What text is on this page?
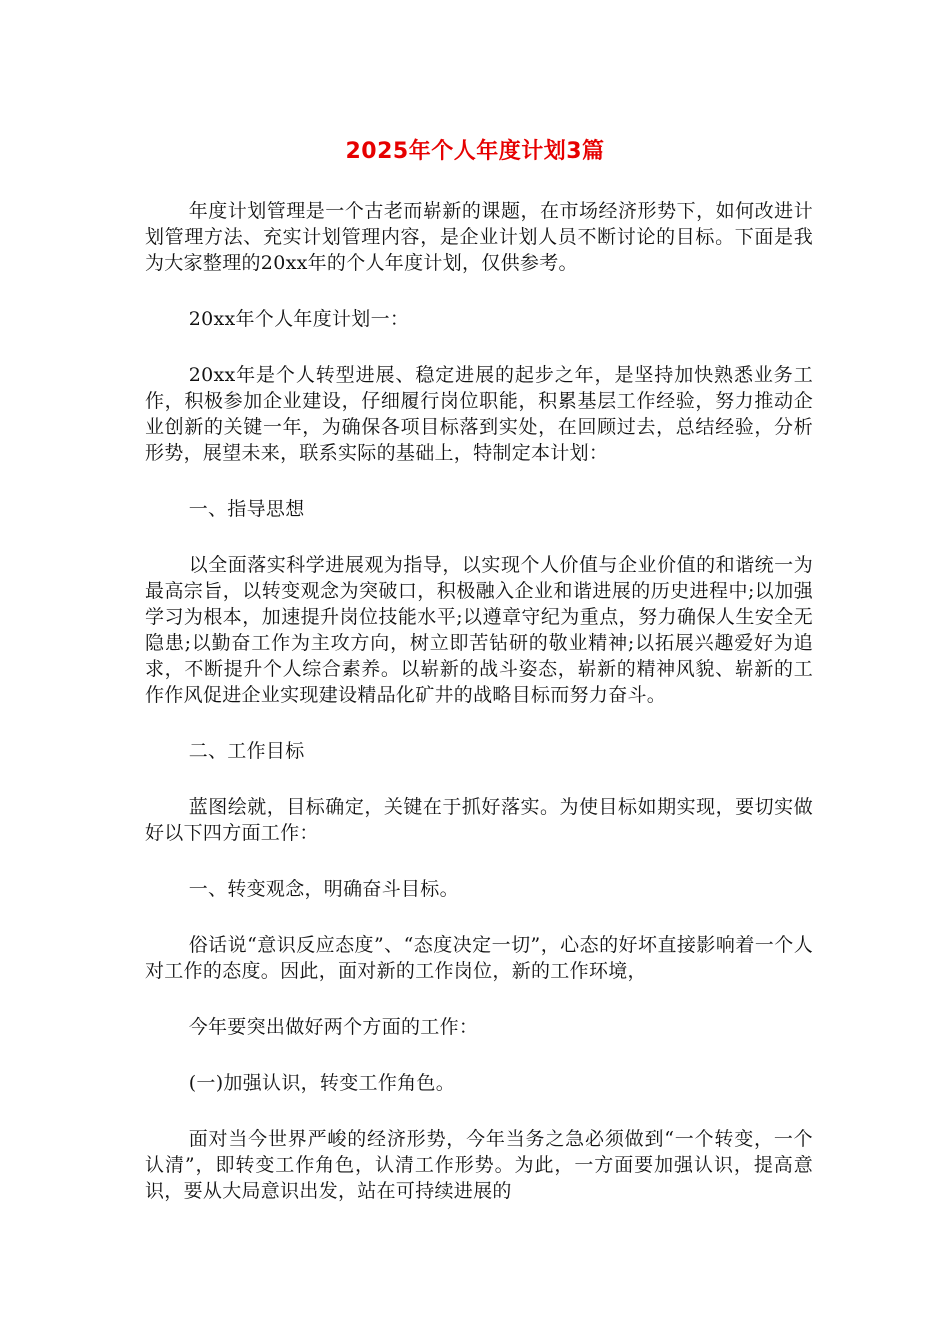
2025年个人年度计划3篇

年度计划管理是一个古老而崭新的课题，在市场经济形势下，如何改进计划管理方法、充实计划管理内容，是企业计划人员不断讨论的目标。下面是我为大家整理的20xx年的个人年度计划，仅供参考。

20xx年个人年度计划一：

20xx年是个人转型进展、稳定进展的起步之年，是坚持加快熟悉业务工作，积极参加企业建设，仔细履行岗位职能，积累基层工作经验，努力推动企业创新的关键一年，为确保各项目标落到实处，在回顾过去，总结经验，分析形势，展望未来，联系实际的基础上，特制定本计划：

一、指导思想

以全面落实科学进展观为指导，以实现个人价值与企业价值的和谐统一为最高宗旨，以转变观念为突破口，积极融入企业和谐进展的历史进程中;以加强学习为根本，加速提升岗位技能水平;以遵章守纪为重点，努力确保人生安全无隐患;以勤奋工作为主攻方向，树立即苦钻研的敬业精神;以拓展兴趣爱好为追求，不断提升个人综合素养。以崭新的战斗姿态，崭新的精神风貌、崭新的工作作风促进企业实现建设精品化矿井的战略目标而努力奋斗。

二、工作目标

蓝图绘就，目标确定，关键在于抓好落实。为使目标如期实现，要切实做好以下四方面工作：

一、转变观念，明确奋斗目标。

俗话说“意识反应态度”、“态度决定一切”，心态的好坏直接影响着一个人对工作的态度。因此，面对新的工作岗位，新的工作环境，

今年要突出做好两个方面的工作：

(一)加强认识，转变工作角色。

面对当今世界严峻的经济形势，今年当务之急必须做到“一个转变，一个认清”，即转变工作角色，认清工作形势。为此，一方面要加强认识，提高意识，要从大局意识出发，站在可持续进展的
